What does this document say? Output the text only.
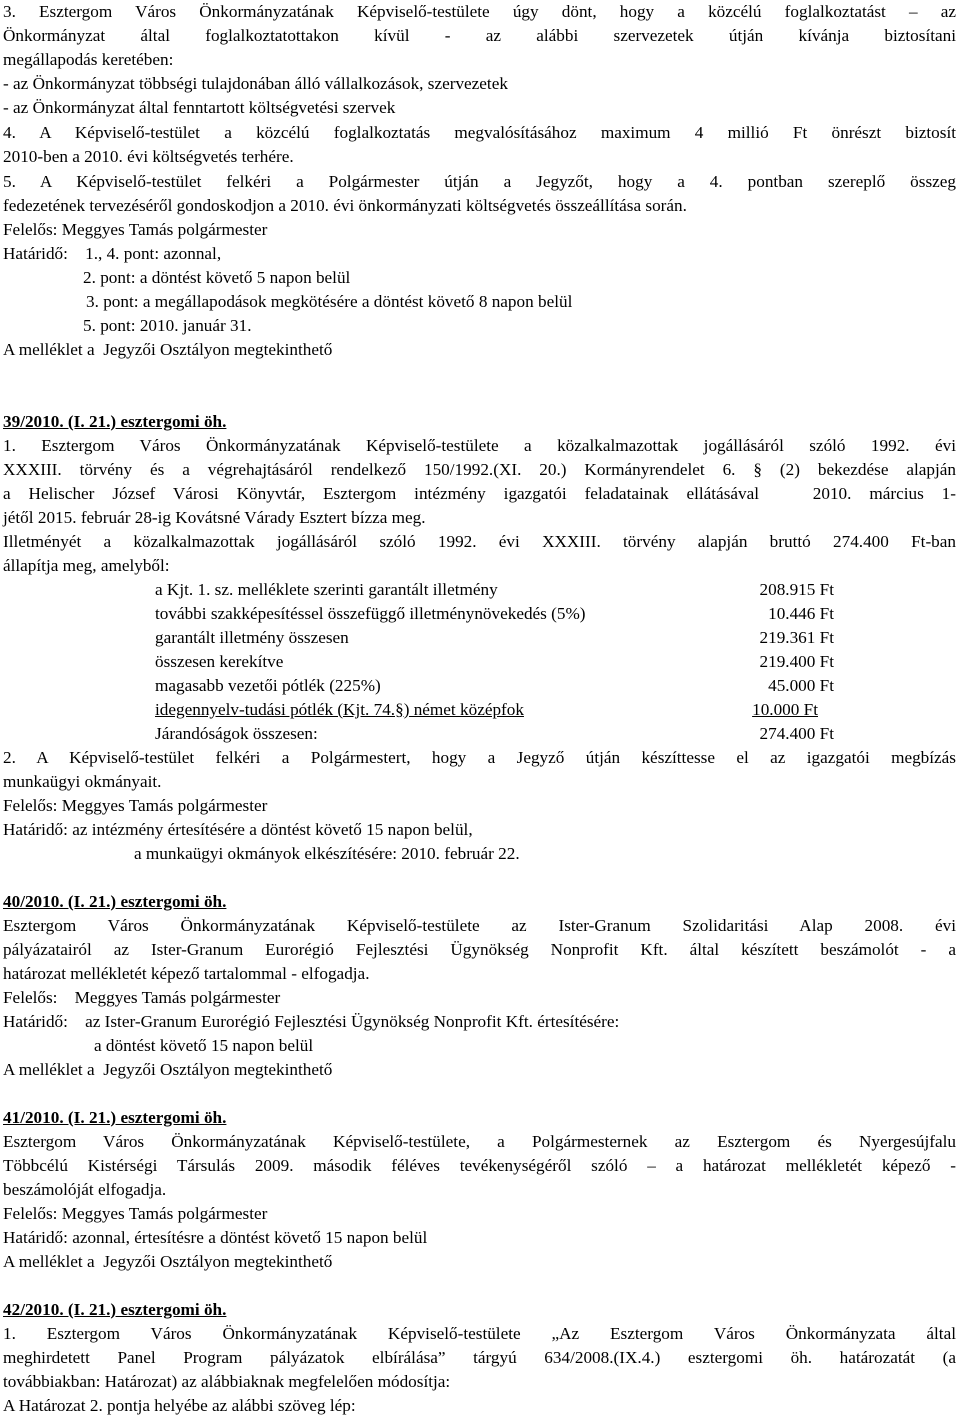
3. Esztergom Város Önkormányzatának Képviselő-testülete úgy dönt, hogy a közcélú foglalkoztatást – az
Önkormányzat által foglalkoztatottakon kívül - az alábbi szervezetek útján kívánja biztosítani
megállapodás keretében:
- az Önkormányzat többségi tulajdonában álló vállalkozások, szervezetek
- az Önkormányzat által fenntartott költségvetési szervek
4. A Képviselő-testület a közcélú foglalkoztatás megvalósításához maximum 4 millió Ft önrészt biztosít
2010-ben a 2010. évi költségvetés terhére.
5. A Képviselő-testület felkéri a Polgármester útján a Jegyzőt, hogy a 4. pontban szereplő összeg
fedezetének tervezéséről gondoskodjon a 2010. évi önkormányzati költségvetés összeállítása során.
Felelős: Meggyes Tamás polgármester
Határidő:    1., 4. pont: azonnal,
2. pont: a döntést követő 5 napon belül
3. pont: a megállapodások megkötésére a döntést követő 8 napon belül
5. pont: 2010. január 31.
A melléklet a  Jegyzői Osztályon megtekinthető
39/2010. (I. 21.) esztergomi öh.
1. Esztergom Város Önkormányzatának Képviselő-testülete a közalkalmazottak jogállásáról szóló 1992. évi
XXXIII. törvény és a végrehajtásáról rendelkező 150/1992.(XI. 20.) Kormányrendelet 6. § (2) bekezdése alapján
a Helischer József Városi Könyvtár, Esztergom intézmény igazgatói feladatainak ellátásával   2010. március 1-
jétől 2015. február 28-ig Kovátsné Várady Esztert bízza meg.
Illetményét a közalkalmazottak jogállásáról szóló 1992. évi XXXIII. törvény alapján bruttó 274.400 Ft-ban
állapítja meg, amelyből:
a Kjt. 1. sz. melléklete szerinti garantált illetmény	208.915 Ft
további szakképesítéssel összefüggő illetménynövekedés (5%)	10.446 Ft
garantált illetmény összesen	219.361 Ft
összesen kerekítve	219.400 Ft
magasabb vezetői pótlék (225%)	45.000 Ft
idegennyelv-tudási pótlék (Kjt. 74.§) német középfok	10.000 Ft
Járandóságok összesen:	274.400 Ft
2. A Képviselő-testület felkéri a Polgármestert, hogy a Jegyző útján készíttesse el az igazgatói megbízás
munkaügyi okmányait.
Felelős: Meggyes Tamás polgármester
Határidő: az intézmény értesítésére a döntést követő 15 napon belül,
a munkaügyi okmányok elkészítésére: 2010. február 22.
40/2010. (I. 21.) esztergomi öh.
Esztergom Város Önkormányzatának Képviselő-testülete az Ister-Granum Szolidaritási Alap 2008. évi
pályázatairól az Ister-Granum Eurorégió Fejlesztési Ügynökség Nonprofit Kft. által készített beszámolót - a
határozat mellékletét képező tartalommal - elfogadja.
Felelős:    Meggyes Tamás polgármester
Határidő:    az Ister-Granum Eurorégió Fejlesztési Ügynökség Nonprofit Kft. értesítésére:
a döntést követő 15 napon belül
A melléklet a  Jegyzői Osztályon megtekinthető
41/2010. (I. 21.) esztergomi öh.
Esztergom Város Önkormányzatának Képviselő-testülete, a Polgármesternek az Esztergom és Nyergesújfalu
Többcélú Kistérségi Társulás 2009. második féléves tevékenységéről szóló – a határozat mellékletét képező -
beszámolóját elfogadja.
Felelős: Meggyes Tamás polgármester
Határidő: azonnal, értesítésre a döntést követő 15 napon belül
A melléklet a  Jegyzői Osztályon megtekinthető
42/2010. (I. 21.) esztergomi öh.
1. Esztergom Város Önkormányzatának Képviselő-testülete „Az Esztergom Város Önkormányzata által
meghirdetett Panel Program pályázatok elbírálása” tárgyú 634/2008.(IX.4.) esztergomi öh. határozatát (a
továbbiakban: Határozat) az alábbiaknak megfelelően módosítja:
A Határozat 2. pontja helyébe az alábbi szöveg lép:
